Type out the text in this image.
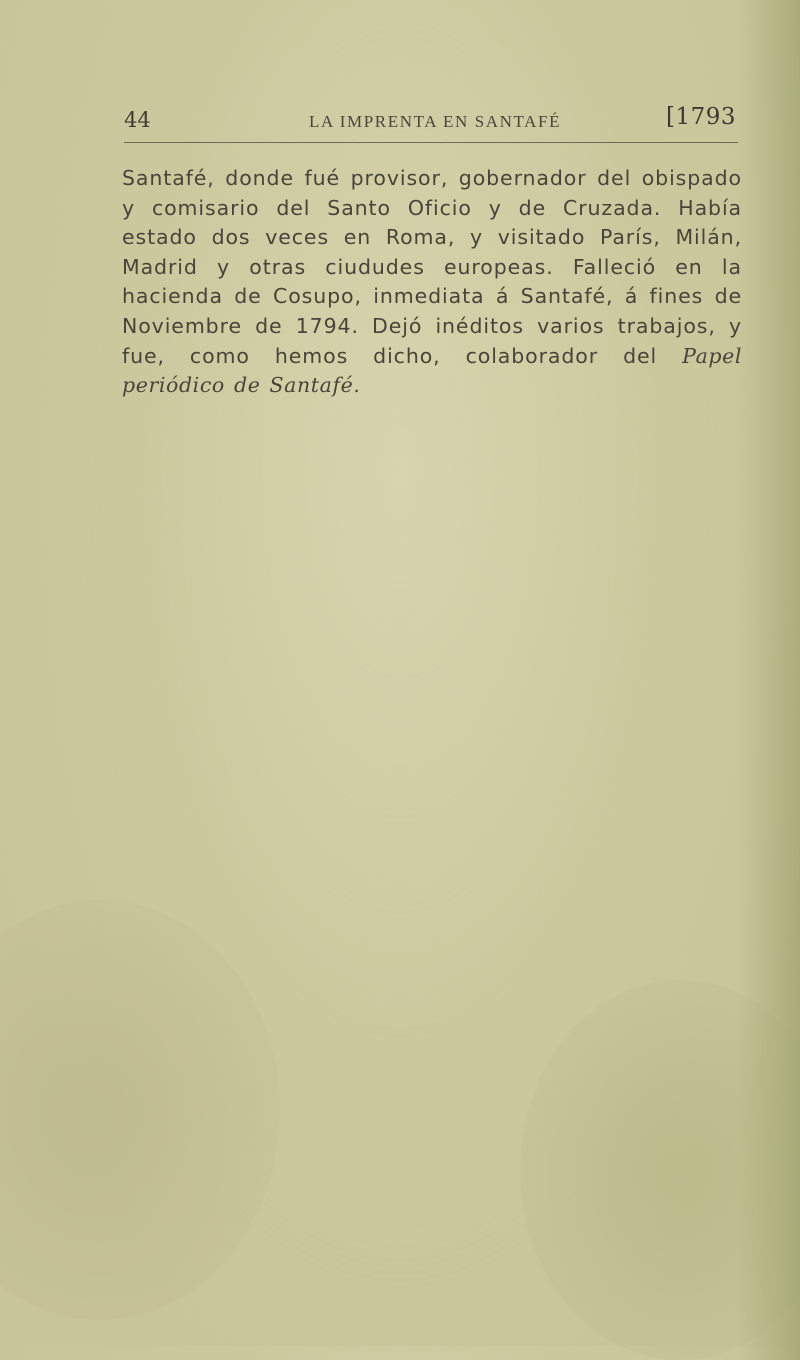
44	LA IMPRENTA EN SANTAFÉ	[1793

Santafé, donde fué provisor, gobernador del obispado y comisario del Santo Oficio y de Cruzada. Había estado dos veces en Roma, y visitado París, Milán, Madrid y otras ciududes europeas. Falleció en la hacienda de Cosupo, inmediata á Santafé, á fines de Noviembre de 1794. Dejó inéditos varios trabajos, y fue, como hemos dicho, colaborador del Papel periódico de Santafé.
